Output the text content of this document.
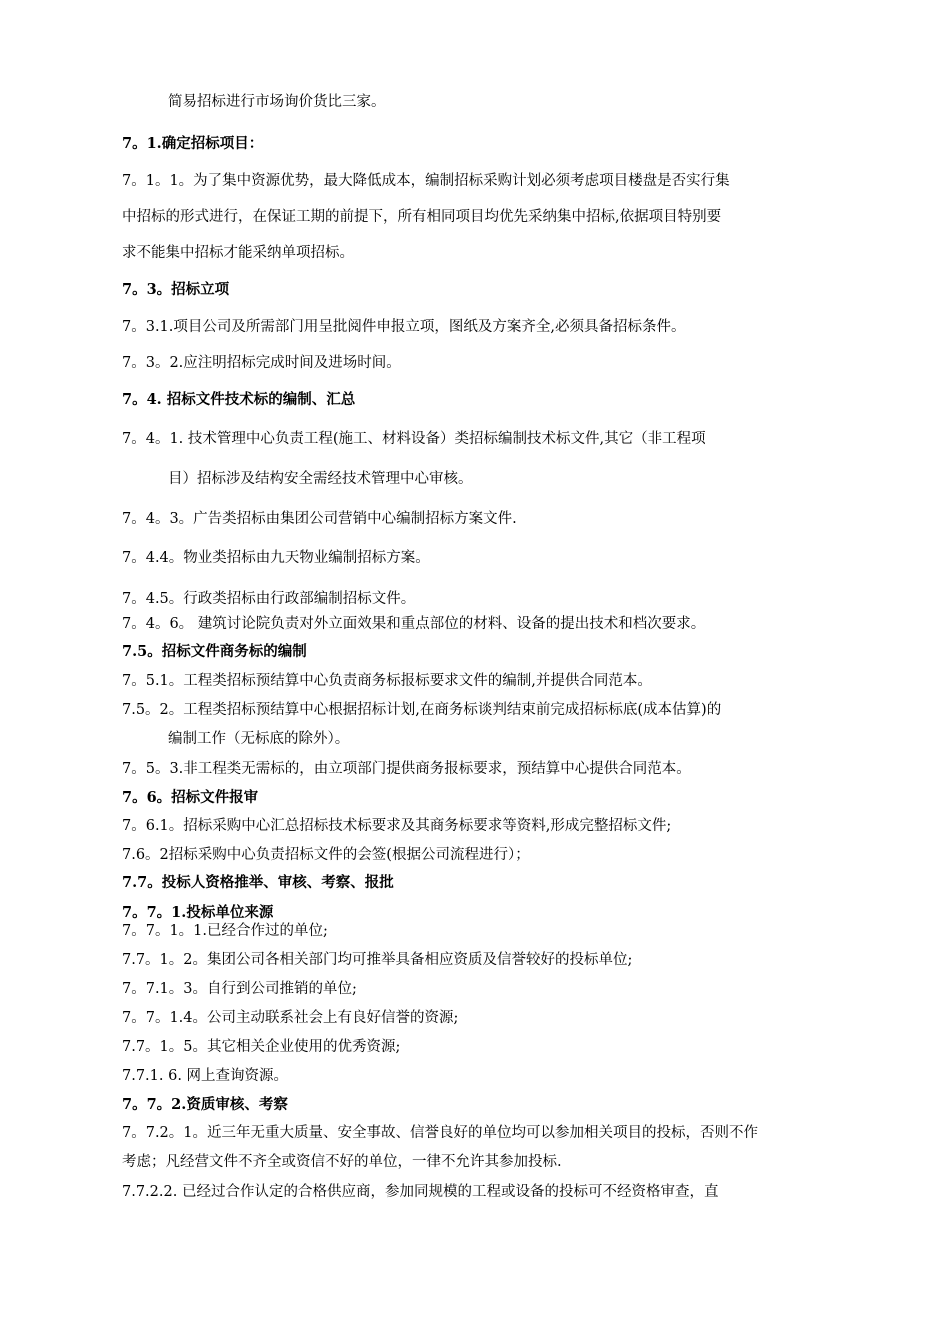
简易招标进行市场询价货比三家。
7。1.确定招标项目：
7。1。1。为了集中资源优势，最大降低成本，编制招标采购计划必须考虑项目楼盘是否实行集
中招标的形式进行，在保证工期的前提下，所有相同项目均优先采纳集中招标,依据项目特别要
求不能集中招标才能采纳单项招标。
7。3。招标立项
7。3.1.项目公司及所需部门用呈批阅件申报立项，图纸及方案齐全,必须具备招标条件。
7。3。2.应注明招标完成时间及进场时间。
7。4. 招标文件技术标的编制、汇总
7。4。1. 技术管理中心负责工程(施工、材料设备）类招标编制技术标文件,其它（非工程项
目）招标涉及结构安全需经技术管理中心审核。
7。4。3。广告类招标由集团公司营销中心编制招标方案文件.
7。4.4。物业类招标由九天物业编制招标方案。
7。4.5。行政类招标由行政部编制招标文件。
7。4。6。 建筑讨论院负责对外立面效果和重点部位的材料、设备的提出技术和档次要求。
7.5。招标文件商务标的编制
7。5.1。工程类招标预结算中心负责商务标报标要求文件的编制,并提供合同范本。
7.5。2。工程类招标预结算中心根据招标计划,在商务标谈判结束前完成招标标底(成本估算)的
编制工作（无标底的除外）。
7。5。3.非工程类无需标的，由立项部门提供商务报标要求，预结算中心提供合同范本。
7。6。招标文件报审
7。6.1。招标采购中心汇总招标技术标要求及其商务标要求等资料,形成完整招标文件;
7.6。2招标采购中心负责招标文件的会签(根据公司流程进行）；
7.7。投标人资格推举、审核、考察、报批
7。7。1.投标单位来源
7。7。1。1.已经合作过的单位;
7.7。1。2。集团公司各相关部门均可推举具备相应资质及信誉较好的投标单位;
7。7.1。3。自行到公司推销的单位;
7。7。1.4。公司主动联系社会上有良好信誉的资源;
7.7。1。5。其它相关企业使用的优秀资源;
7.7.1. 6. 网上查询资源。
7。7。2.资质审核、考察
7。7.2。1。近三年无重大质量、安全事故、信誉良好的单位均可以参加相关项目的投标，否则不作
考虑；凡经营文件不齐全或资信不好的单位，一律不允许其参加投标.
7.7.2.2. 已经过合作认定的合格供应商，参加同规模的工程或设备的投标可不经资格审查，直
